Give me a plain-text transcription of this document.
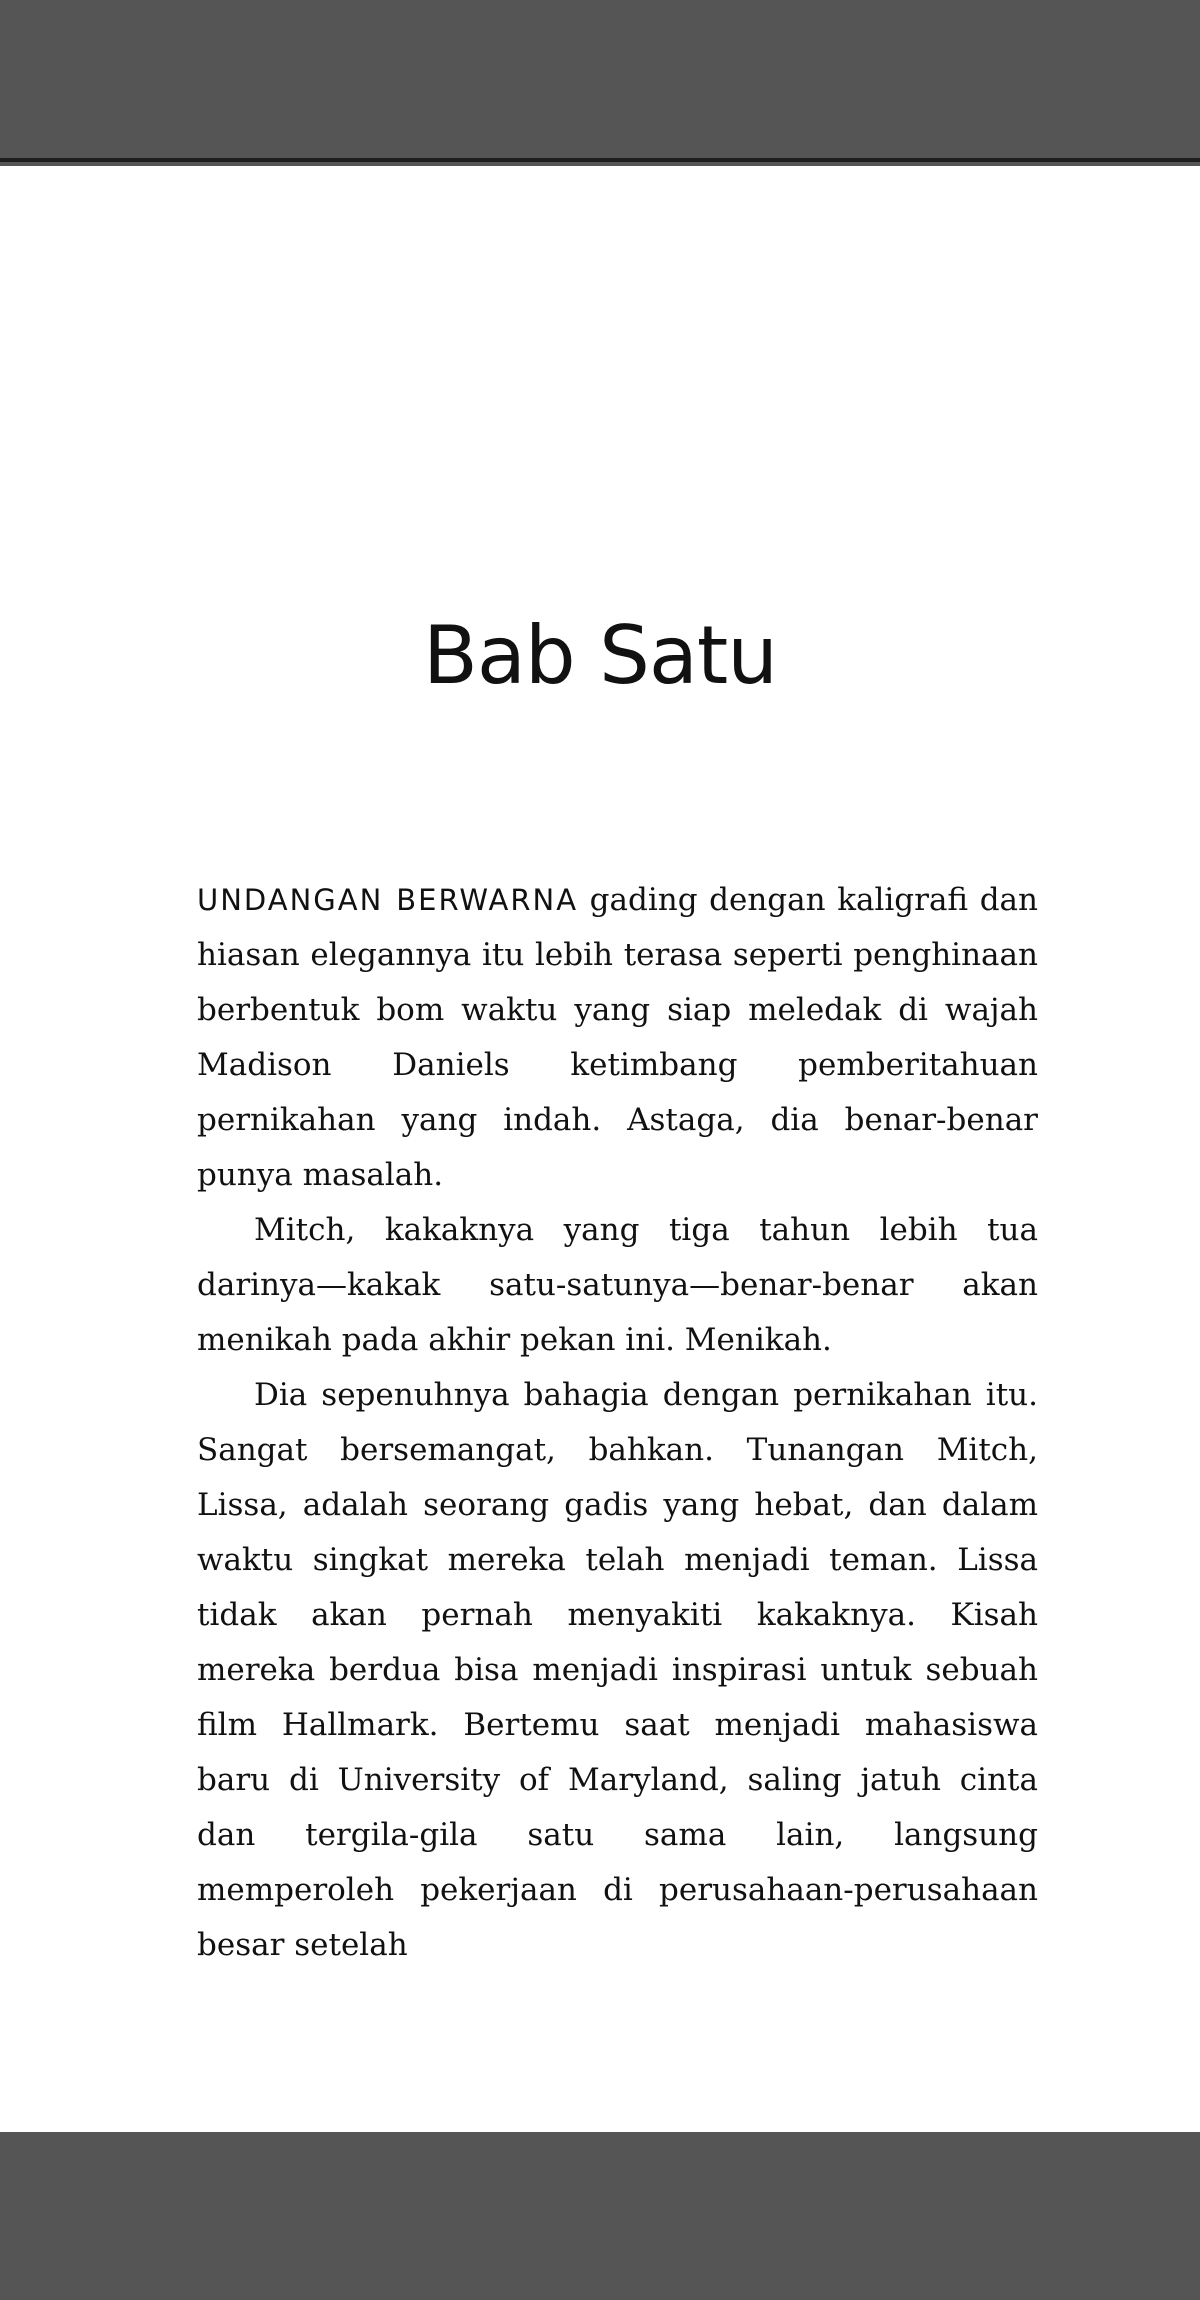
Bab Satu

UNDANGAN BERWARNA gading dengan kaligrafi dan hiasan elegannya itu lebih terasa seperti penghinaan berbentuk bom waktu yang siap meledak di wajah Madison Daniels ketimbang pemberitahuan pernikahan yang indah. Astaga, dia benar-benar punya masalah.

Mitch, kakaknya yang tiga tahun lebih tua darinya—kakak satu-satunya—benar-benar akan menikah pada akhir pekan ini. Menikah.

Dia sepenuhnya bahagia dengan pernikahan itu. Sangat bersemangat, bahkan. Tunangan Mitch, Lissa, adalah seorang gadis yang hebat, dan dalam waktu singkat mereka telah menjadi teman. Lissa tidak akan pernah menyakiti kakaknya. Kisah mereka berdua bisa menjadi inspirasi untuk sebuah film Hallmark. Bertemu saat menjadi mahasiswa baru di University of Maryland, saling jatuh cinta dan tergila-gila satu sama lain, langsung memperoleh pekerjaan di perusahaan-perusahaan besar setelah
